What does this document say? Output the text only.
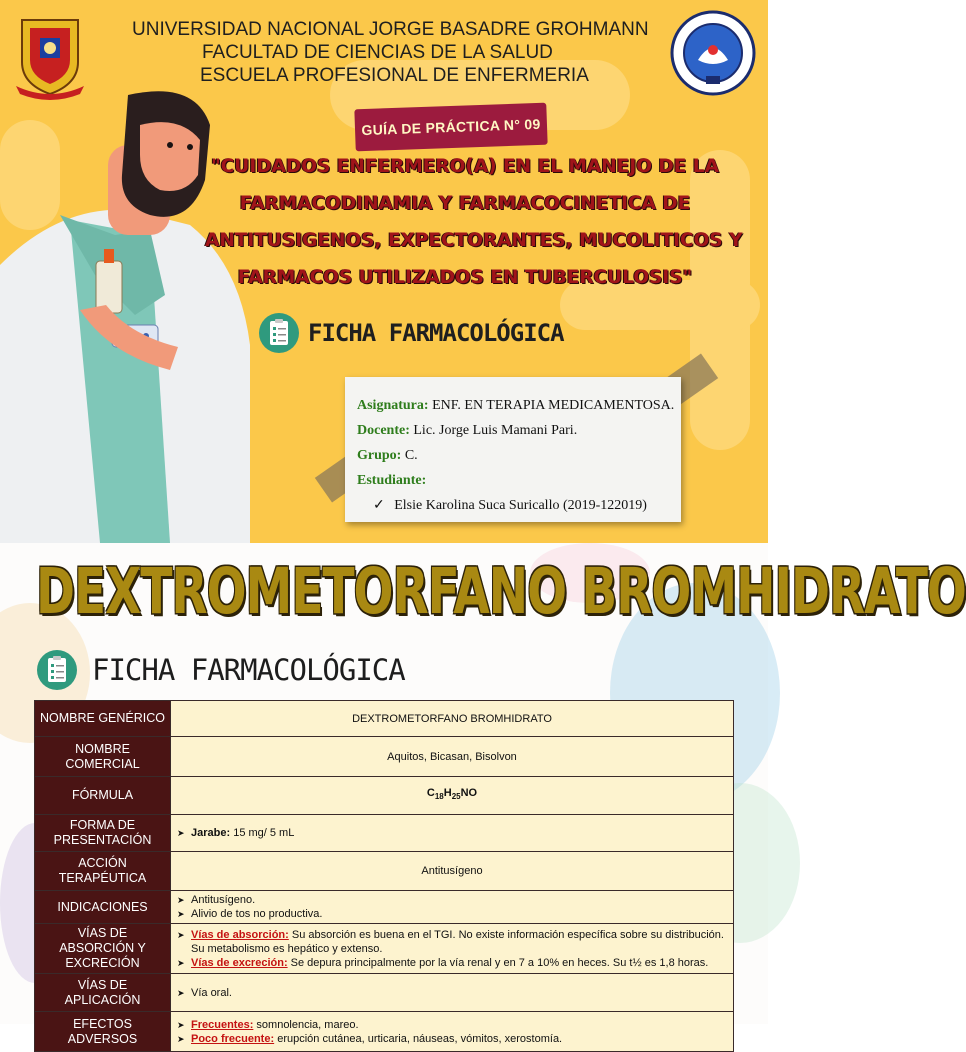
UNIVERSIDAD NACIONAL JORGE BASADRE GROHMANN
FACULTAD DE CIENCIAS DE LA SALUD
ESCUELA PROFESIONAL DE ENFERMERIA
GUÍA DE PRÁCTICA N° 09
"CUIDADOS ENFERMERO(A) EN EL MANEJO DE LA
FARMACODINAMIA Y FARMACOCINETICA DE
ANTITUSIGENOS, EXPECTORANTES, MUCOLITICOS Y
FARMACOS UTILIZADOS EN TUBERCULOSIS"
FICHA FARMACOLÓGICA
Asignatura: ENF. EN TERAPIA MEDICAMENTOSA.
Docente: Lic. Jorge Luis Mamani Pari.
Grupo: C.
Estudiante:
✓ Elsie Karolina Suca Suricallo (2019-122019)
DEXTROMETORFANO BROMHIDRATO
FICHA FARMACOLÓGICA
NOMBRE GENÉRICO	DEXTROMETORFANO BROMHIDRATO
NOMBRE COMERCIAL	Aquitos, Bicasan, Bisolvon
FÓRMULA	$C_{18}H_{25}NO$
FORMA DE PRESENTACIÓN	➤ Jarabe: 15 mg/ 5 mL

ACCIÓN TERAPÉUTICA	Antitusígeno
INDICACIONES	➤ Antitusígeno.
➤ Alivio de tos no productiva.

VÍAS DE ABSORCIÓN Y EXCRECIÓN	➤ Vías de absorción: Su absorción es buena en el TGI. No existe información específica sobre su distribución. Su metabolismo es hepático y extenso.
➤ Vías de excreción: Se depura principalmente por la vía renal y en 7 a 10% en heces. Su t½ es 1,8 horas.

VÍAS DE APLICACIÓN	➤ Vía oral.

EFECTOS ADVERSOS	➤ Frecuentes: somnolencia, mareo.
➤ Poco frecuente: erupción cutánea, urticaria, náuseas, vómitos, xerostomía.
